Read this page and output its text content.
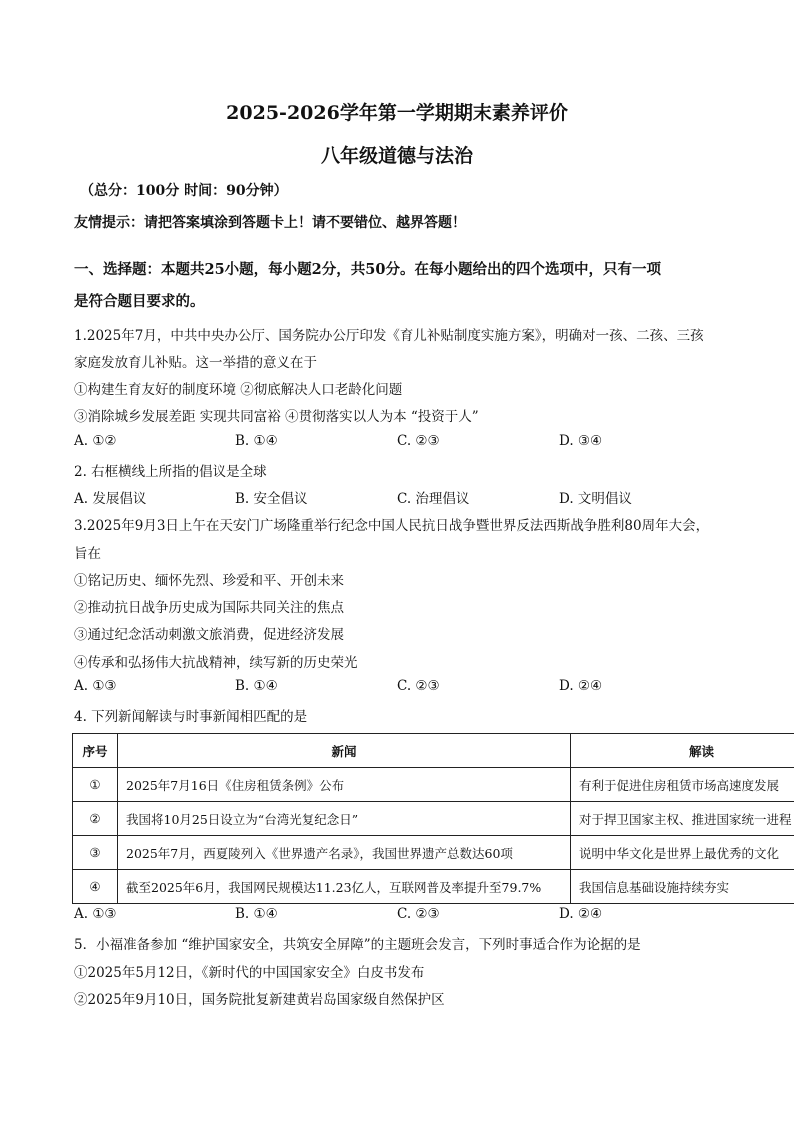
2025-2026学年第一学期期末素养评价
八年级道德与法治
（总分：100分 时间：90分钟）
友情提示：请把答案填涂到答题卡上！请不要错位、越界答题！
一、选择题：本题共25小题，每小题2分，共50分。在每小题给出的四个选项中，只有一项
是符合题目要求的。
1.2025年7月，中共中央办公厅、国务院办公厅印发《育儿补贴制度实施方案》，明确对一孩、二孩、三孩
家庭发放育儿补贴。这一举措的意义在于
①构建生育友好的制度环境 ②彻底解决人口老龄化问题
③消除城乡发展差距 实现共同富裕 ④贯彻落实以人为本 “投资于人”
A. ①②	B. ①④	C. ②③	D. ③④
2. 右框横线上所指的倡议是全球
A. 发展倡议	B. 安全倡议	C. 治理倡议	D. 文明倡议
3.2025年9月3日上午在天安门广场隆重举行纪念中国人民抗日战争暨世界反法西斯战争胜利80周年大会，
旨在
①铭记历史、缅怀先烈、珍爱和平、开创未来
②推动抗日战争历史成为国际共同关注的焦点
③通过纪念活动刺激文旅消费，促进经济发展
④传承和弘扬伟大抗战精神，续写新的历史荣光
A. ①③	B. ①④	C. ②③	D. ②④
4. 下列新闻解读与时事新闻相匹配的是
序号	新闻	解读
①	2025年7月16日《住房租赁条例》公布	有利于促进住房租赁市场高速度发展
②	我国将10月25日设立为“台湾光复纪念日”	对于捍卫国家主权、推进国家统一进程
③	2025年7月，西夏陵列入《世界遗产名录》，我国世界遗产总数达60项	说明中华文化是世界上最优秀的文化
④	截至2025年6月，我国网民规模达11.23亿人，互联网普及率提升至79.7%	我国信息基础设施持续夯实
A. ①③	B. ①④	C. ②③	D. ②④
5．小福准备参加 “维护国家安全，共筑安全屏障”的主题班会发言，下列时事适合作为论据的是
①2025年5月12日，《新时代的中国国家安全》白皮书发布
②2025年9月10日，国务院批复新建黄岩岛国家级自然保护区
